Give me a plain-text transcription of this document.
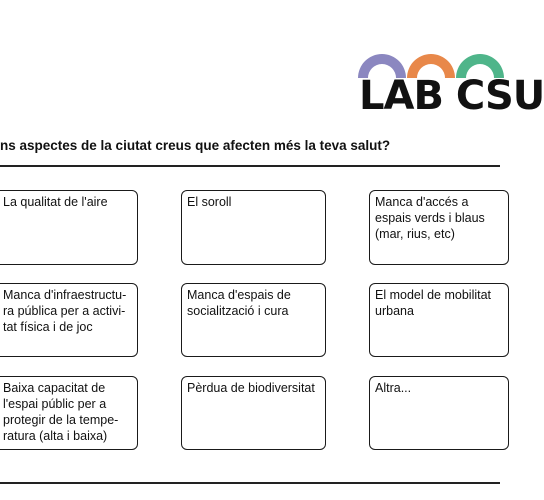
LAB CSU
ns aspectes de la ciutat creus que afecten més la teva salut?
La qualitat de l'aire	El soroll	Manca d'accés a espais verds i blaus (mar, rius, etc)
Manca d'infraestructu-ra pública per a activi-tat física i de joc
Manca d'espais de socialització i cura
El model de mobilitat urbana
Baixa capacitat de l'espai públic per a protegir de la tempe-ratura (alta i baixa)
Pèrdua de biodiversitat	Altra...
